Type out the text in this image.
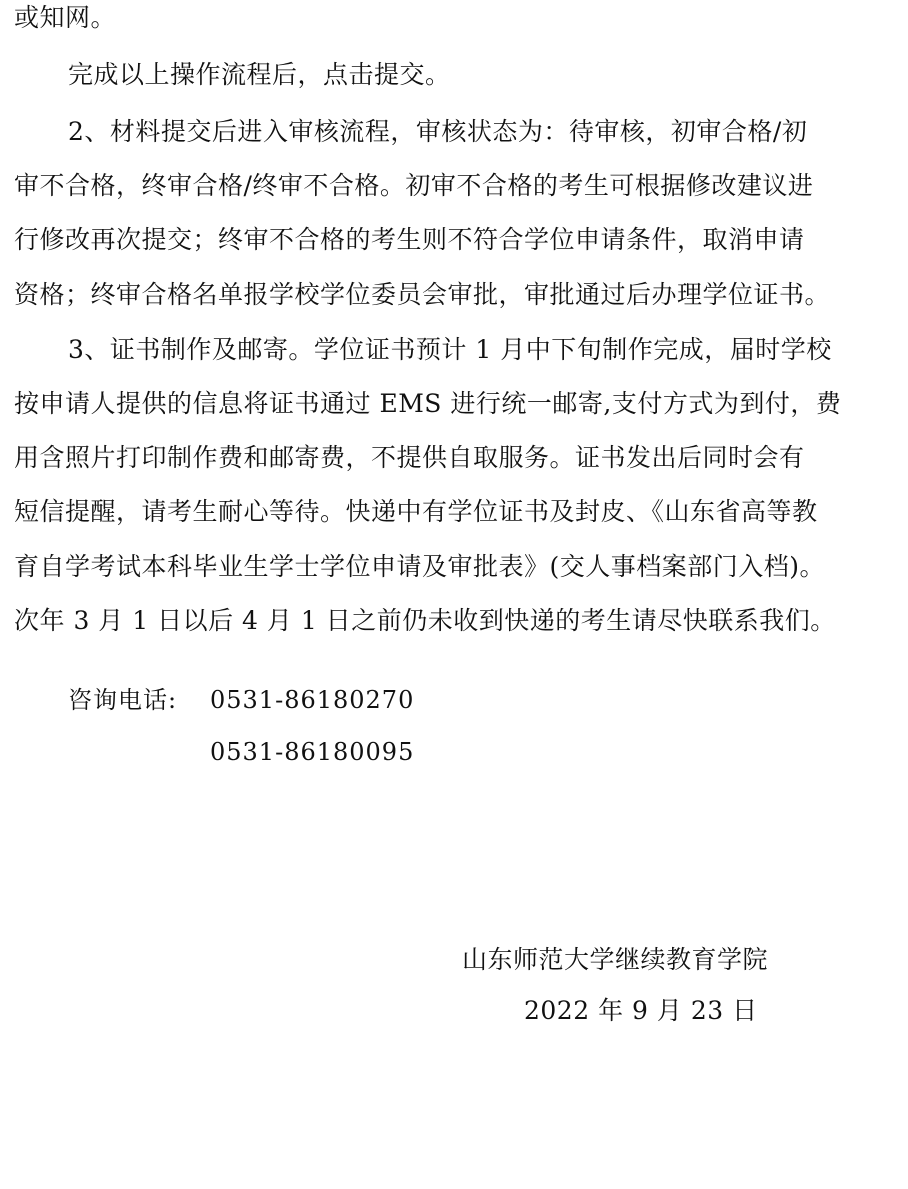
或知网。
完成以上操作流程后，点击提交。
2、材料提交后进入审核流程，审核状态为：待审核，初审合格/初
审不合格，终审合格/终审不合格。初审不合格的考生可根据修改建议进
行修改再次提交；终审不合格的考生则不符合学位申请条件，取消申请
资格；终审合格名单报学校学位委员会审批，审批通过后办理学位证书。
3、证书制作及邮寄。学位证书预计 1 月中下旬制作完成，届时学校
按申请人提供的信息将证书通过 EMS 进行统一邮寄,支付方式为到付，费
用含照片打印制作费和邮寄费，不提供自取服务。证书发出后同时会有
短信提醒，请考生耐心等待。快递中有学位证书及封皮、《山东省高等教
育自学考试本科毕业生学士学位申请及审批表》(交人事档案部门入档)。
次年 3 月 1 日以后 4 月 1 日之前仍未收到快递的考生请尽快联系我们。
咨询电话: 0531-86180270
0531-86180095
山东师范大学继续教育学院
2022 年 9 月 23 日
